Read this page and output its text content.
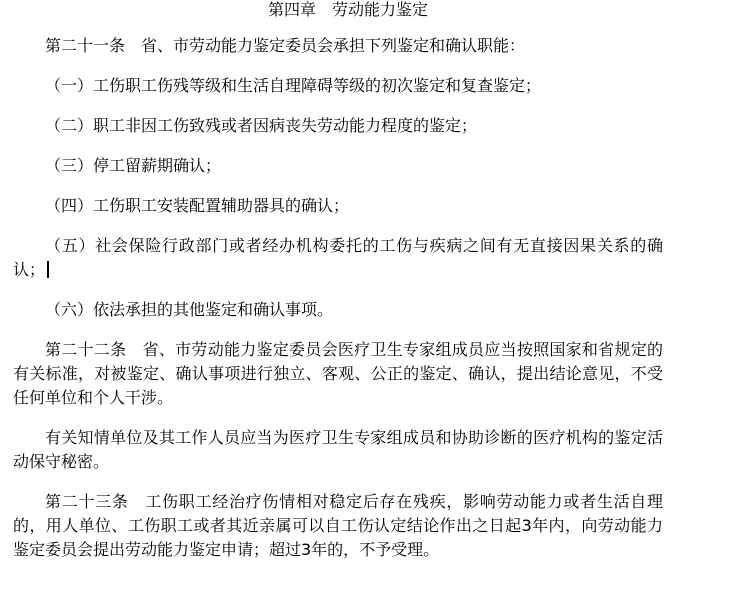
第四章　劳动能力鉴定

第二十一条　省、市劳动能力鉴定委员会承担下列鉴定和确认职能：

（一）工伤职工伤残等级和生活自理障碍等级的初次鉴定和复查鉴定；

（二）职工非因工伤致残或者因病丧失劳动能力程度的鉴定；

（三）停工留薪期确认；

（四）工伤职工安装配置辅助器具的确认；

（五）社会保险行政部门或者经办机构委托的工伤与疾病之间有无直接因果关系的确认；

（六）依法承担的其他鉴定和确认事项。

第二十二条　省、市劳动能力鉴定委员会医疗卫生专家组成员应当按照国家和省规定的有关标准，对被鉴定、确认事项进行独立、客观、公正的鉴定、确认，提出结论意见，不受任何单位和个人干涉。

有关知情单位及其工作人员应当为医疗卫生专家组成员和协助诊断的医疗机构的鉴定活动保守秘密。

第二十三条　工伤职工经治疗伤情相对稳定后存在残疾，影响劳动能力或者生活自理的，用人单位、工伤职工或者其近亲属可以自工伤认定结论作出之日起3年内，向劳动能力鉴定委员会提出劳动能力鉴定申请；超过3年的，不予受理。
